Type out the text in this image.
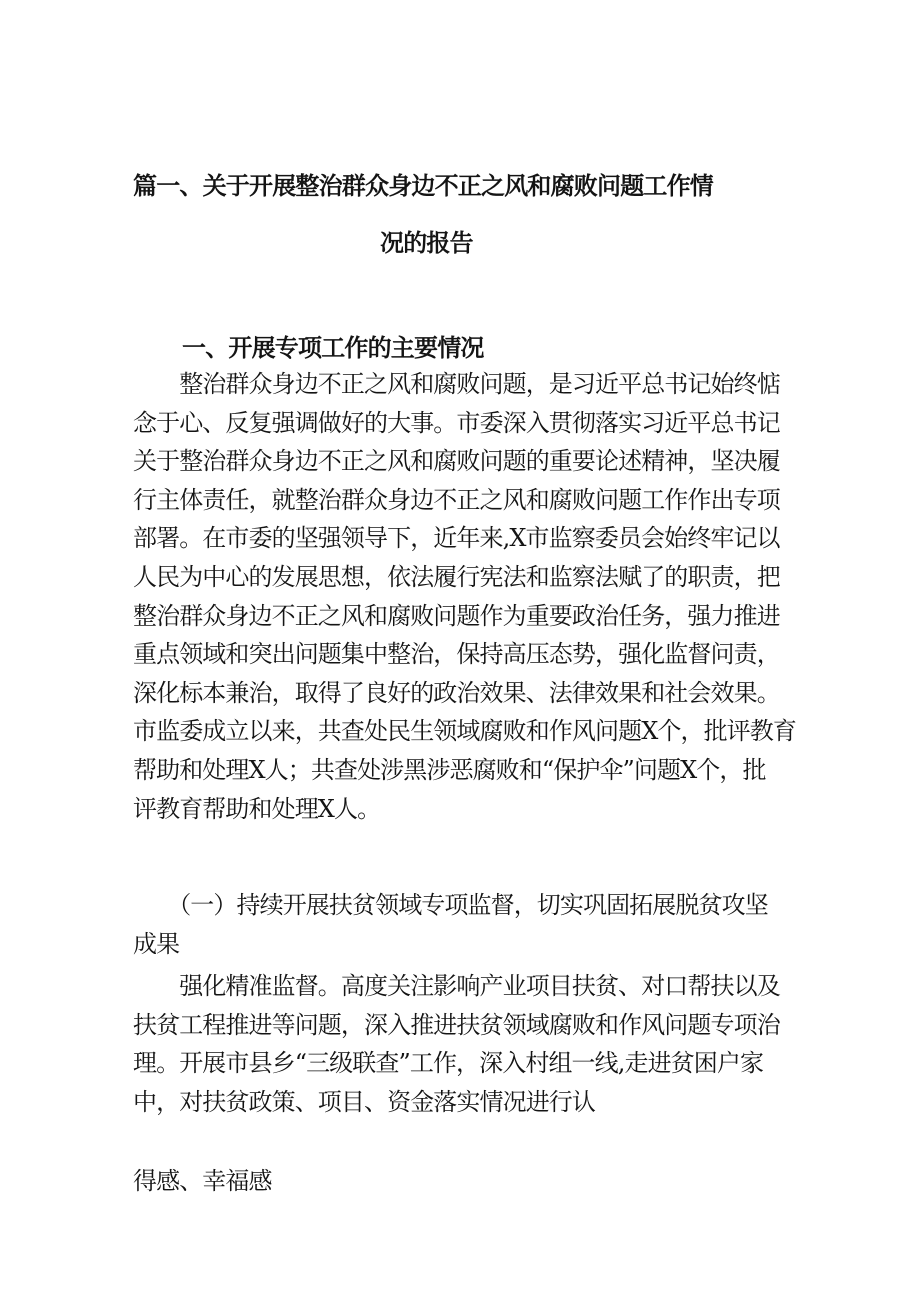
篇一、关于开展整治群众身边不正之风和腐败问题工作情
况的报告
一、开展专项工作的主要情况
　　整治群众身边不正之风和腐败问题，是习近平总书记始终惦
念于心、反复强调做好的大事。市委深入贯彻落实习近平总书记
关于整治群众身边不正之风和腐败问题的重要论述精神，坚决履
行主体责任，就整治群众身边不正之风和腐败问题工作作出专项
部署。在市委的坚强领导下，近年来,X市监察委员会始终牢记以
人民为中心的发展思想，依法履行宪法和监察法赋了的职责，把
整治群众身边不正之风和腐败问题作为重要政治任务，强力推进
重点领域和突出问题集中整治，保持高压态势，强化监督问责，
深化标本兼治，取得了良好的政治效果、法律效果和社会效果。
市监委成立以来，共查处民生领域腐败和作风问题X个，批评教育
帮助和处理X人；共查处涉黑涉恶腐败和“保护伞”问题X个，批
评教育帮助和处理X人。
　　（一）持续开展扶贫领域专项监督，切实巩固拓展脱贫攻坚
成果
　　强化精准监督。高度关注影响产业项目扶贫、对口帮扶以及
扶贫工程推进等问题，深入推进扶贫领域腐败和作风问题专项治
理。开展市县乡“三级联查”工作，深入村组一线,走进贫困户家
中，对扶贫政策、项目、资金落实情况进行认
得感、幸福感
